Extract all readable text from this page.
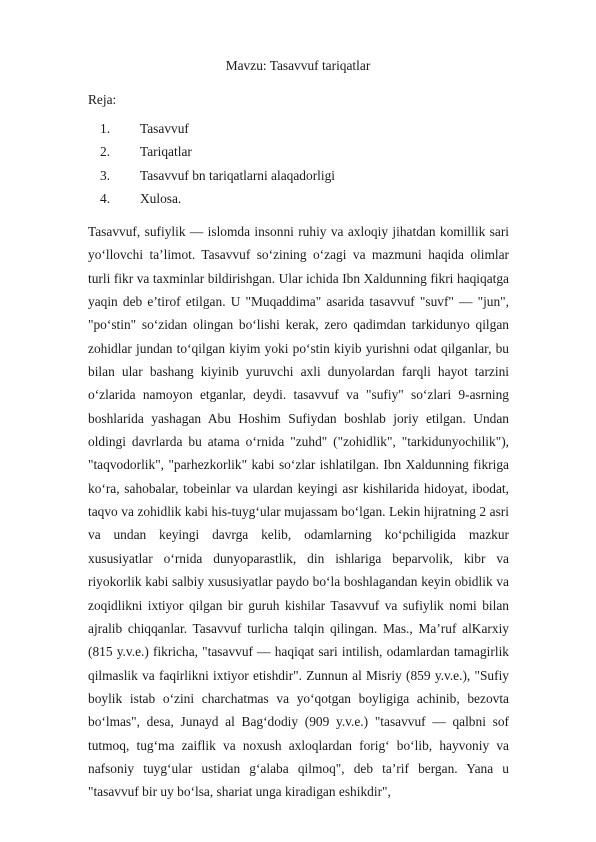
Mavzu: Tasavvuf tariqatlar
Reja:
1. Tasavvuf
2. Tariqatlar
3. Tasavvuf bn tariqatlarni alaqadorligi
4. Xulosa.

Tasavvuf, sufiylik — islomda insonni ruhiy va axloqiy jihatdan komillik sari yo‘llovchi ta’limot. Tasavvuf so‘zining o‘zagi va mazmuni haqida olimlar turli fikr va taxminlar bildirishgan. Ular ichida Ibn Xaldunning fikri haqiqatga yaqin deb e’tirof etilgan. U "Muqaddima" asarida tasavvuf "suvf" — "jun", "po‘stin" so‘zidan olingan bo‘lishi kerak, zero qadimdan tarkidunyo qilgan zohidlar jundan to‘qilgan kiyim yoki po‘stin kiyib yurishni odat qilganlar, bu bilan ular bashang kiyinib yuruvchi axli dunyolardan farqli hayot tarzini o‘zlarida namoyon etganlar, deydi. tasavvuf va "sufiy" so‘zlari 9-asrning boshlarida yashagan Abu Hoshim Sufiydan boshlab joriy etilgan. Undan oldingi davrlarda bu atama o‘rnida "zuhd" ("zohidlik", "tarkidunyochilik"), "taqvodorlik", "parhezkorlik" kabi so‘zlar ishlatilgan. Ibn Xaldunning fikriga ko‘ra, sahobalar, tobeinlar va ulardan keyingi asr kishilarida hidoyat, ibodat, taqvo va zohidlik kabi his-tuyg‘ular mujassam bo‘lgan. Lekin hijratning 2 asri va undan keyingi davrga kelib, odamlarning ko‘pchiligida mazkur xususiyatlar o‘rnida dunyoparastlik, din ishlariga beparvolik, kibr va riyokorlik kabi salbiy xususiyatlar paydo bo‘la boshlagandan keyin obidlik va zoqidlikni ixtiyor qilgan bir guruh kishilar Tasavvuf va sufiylik nomi bilan ajralib chiqqanlar. Tasavvuf turlicha talqin qilingan. Mas., Ma’ruf alKarxiy (815 y.v.e.) fikricha, "tasavvuf — haqiqat sari intilish, odamlardan tamagirlik qilmaslik va faqirlikni ixtiyor etishdir". Zunnun al Misriy (859 y.v.e.), "Sufiy boylik istab o‘zini charchatmas va yo‘qotgan boyligiga achinib, bezovta bo‘lmas", desa, Junayd al Bag‘dodiy (909 y.v.e.) "tasavvuf — qalbni sof tutmoq, tug‘ma zaiflik va noxush axloqlardan forig‘ bo‘lib, hayvoniy va nafsoniy tuyg‘ular ustidan g‘alaba qilmoq", deb ta’rif bergan. Yana u "tasavvuf bir uy bo‘lsa, shariat unga kiradigan eshikdir",
